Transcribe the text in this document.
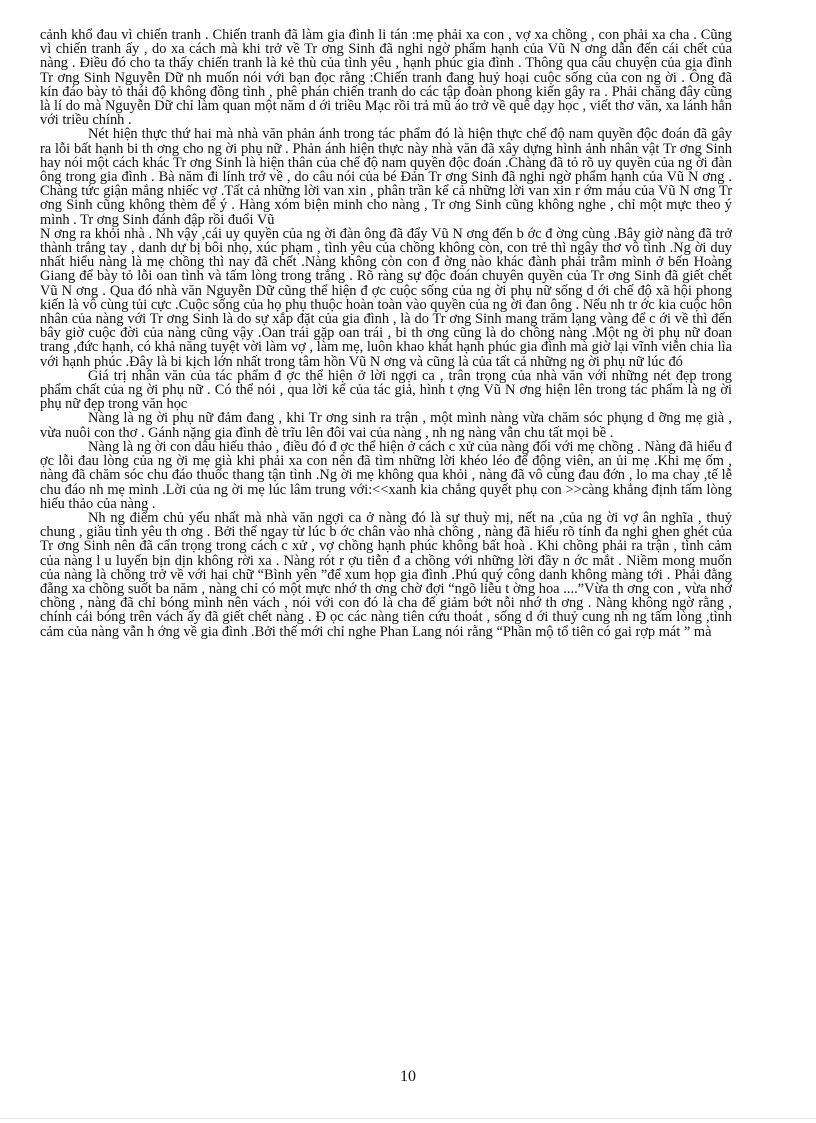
cảnh khổ đau vì chiến tranh . Chiến tranh đã làm gia đình li tán :mẹ phải xa con , vợ xa chồng , con phải xa cha . Cũng vì chiến tranh ấy , do xa cách mà khi trở về Tr ơng Sinh đã nghi ngờ phẩm hạnh của Vũ N ơng dẫn đến cái chết của nàng . Điều đó cho ta thấy chiến tranh là kẻ thù của tình yêu , hạnh phúc gia đình . Thông qua câu chuyện của gia đình Tr ơng Sinh Nguyễn Dữ nh muốn nói với bạn đọc rằng :Chiến tranh đang huỷ hoại cuộc sống của con ng ời . Ông đã kín đáo bày tỏ thái độ không đồng tình , phê phán chiến tranh do các tập đoàn phong kiến gây ra . Phải chăng đây cũng là lí do mà Nguyễn Dữ chỉ làm quan một năm d ới triều Mạc rồi trả mũ áo trở về quê dạy học , viết thơ văn, xa lánh hẳn với triều chính .

Nét hiện thực thứ hai mà nhà văn phản ánh trong tác phẩm đó là hiện thực chế độ nam quyền độc đoán đã gây ra lỗi bất hạnh bi th ơng cho ng ời phụ nữ . Phản ánh hiện thực này nhà văn đã xây dựng hình ảnh nhân vật Tr ơng Sinh hay nói một cách khác Tr ơng Sinh là hiện thân của chế độ nam quyền độc đoán .Chàng đã tỏ rõ uy quyền của ng ời đàn ông trong gia đình . Bà năm đi lính trở về , do câu nói của bé Đản Tr ơng Sinh đã nghi ngờ phẩm hạnh của Vũ N ơng . Chàng tức giận mắng nhiếc vợ .Tất cả những lời van xin , phân trần kể cả những lời van xin r ớm máu của Vũ N ơng Tr ơng Sinh cũng không thèm để ý . Hàng xóm biện minh cho nàng , Tr ơng Sinh cũng không nghe , chỉ một mực theo ý mình . Tr ơng Sinh đánh đập rồi đuổi Vũ

N ơng ra khỏi nhà . Nh vậy ,cái uy quyền của ng ời đàn ông đã đẩy Vũ N ơng đến b ớc đ ờng cùng .Bây giờ nàng đã trở thành trắng tay , danh dự bị bôi nhọ, xúc phạm , tình yêu của chồng không còn, con trẻ thì ngây thơ vô tình .Ng ời duy nhất hiểu nàng là mẹ chồng thì nay đã chết .Nàng không còn con đ ờng nào khác đành phải trẫm mình ở bến Hoàng Giang để bày tỏ lỗi oan tình và tấm lòng trong trắng . Rõ ràng sự độc đoán chuyên quyền của Tr ơng Sinh đã giết chết Vũ N ơng . Qua đó nhà văn Nguyễn Dữ cũng thể hiện đ ợc cuộc sống của ng ời phụ nữ sống d ới chế độ xã hội phong kiến là vô cùng tủi cực .Cuộc sống của họ phụ thuộc hoàn toàn vào quyền của ng ời đan ông . Nếu nh tr ớc kia cuộc hôn nhân của nàng với Tr ơng Sinh là do sự xắp đặt của gia đình , là do Tr ơng Sinh mang trăm lạng vàng để c ới về thì đến bây giờ cuộc đời của nàng cũng vậy .Oan trái gặp oan trái , bi th ơng cũng là do chồng nàng .Một ng ời phụ nữ đoan trang ,đức hạnh, có khả năng tuyệt vời làm vợ , làm mẹ, luôn khao khát hạnh phúc gia đình mà giờ lại vĩnh viễn chia lìa với hạnh phúc .Đây là bi kịch lớn nhất trong tâm hồn Vũ N ơng và cũng là của tất cả những ng ời phụ nữ lúc đó

Giá trị nhân văn của tác phẩm đ ợc thể hiện ở lời ngợi ca , trân trọng của nhà văn với những nét đẹp trong phẩm chất của ng ời phụ nữ . Có thể nói , qua lời kể của tác giả, hình t ợng Vũ N ơng hiện lên trong tác phẩm là ng ời phụ nữ đẹp trong văn học

Nàng là ng ời phụ nữ đảm đang , khi Tr ơng sinh ra trận , một mình nàng vừa chăm sóc phụng d ỡng mẹ già , vừa nuôi con thơ . Gánh nặng gia đình đè trĩu lên đôi vai của nàng , nh ng nàng vẫn chu tất mọi bề .

Nàng là ng ời con dâu hiếu thảo , điều đó đ ợc thể hiện ở cách c xử của nàng đối với mẹ chồng . Nàng đã hiểu đ ợc lỗi đau lòng của ng ời mẹ già khi phải xa con nên đã tìm những lời khéo léo để động viên, an ủi mẹ .Khi mẹ ốm , nàng đã chăm sóc chu đáo thuốc thang tận tình .Ng ời mẹ không qua khỏi , nàng đã vô cùng đau đớn , lo ma chay ,tế lễ chu đáo nh mẹ mình .Lời của ng ời mẹ lúc lâm trung với:<<xanh kia chắng quyết phụ con >>càng khẳng định tấm lòng hiếu thảo của nàng .

Nh ng điểm chủ yếu nhất mà nhà văn ngợi ca ở nàng đó là sự thuỳ mị, nết na ,của ng ời vợ ân nghĩa , thuỷ chung , giầu tình yêu th ơng . Bởi thế ngay từ lúc b ớc chân vào nhà chồng , nàng đã hiểu rõ tính đa nghi ghen ghét của Tr ơng Sinh nên đã cẩn trọng trong cách c xử , vợ chồng hạnh phúc không bất hoà . Khi chồng phải ra trận , tình cảm của nàng l u luyến bịn dịn không rời xa . Nàng rót r ợu tiễn đ a chồng với những lời đầy n ớc mắt . Niềm mong muốn của nàng là chồng trở về với hai chữ “Bình yên ”để xum họp gia đình .Phú quý công danh không màng tới . Phải đằng đẵng xa chồng suốt ba năm , nàng chỉ có một mực nhớ th ơng chờ đợi “ngõ liễu t ờng hoa ....”Vừa th ơng con , vừa nhớ chồng , nàng đã chỉ bóng mình nên vách , nói với con đó là cha để giảm bớt nỗi nhớ th ơng . Nàng không ngờ rằng , chính cái bóng trên vách ấy đã giết chết nàng . Đ ọc các nàng tiên cứu thoát , sống d ới thuỷ cung nh ng tấm lòng ,tình cảm của nàng vẫn h ớng về gia đình .Bởi thế mới chỉ nghe Phan Lang nói rằng “Phần mộ tổ tiên có gai rợp mát ” mà

10
